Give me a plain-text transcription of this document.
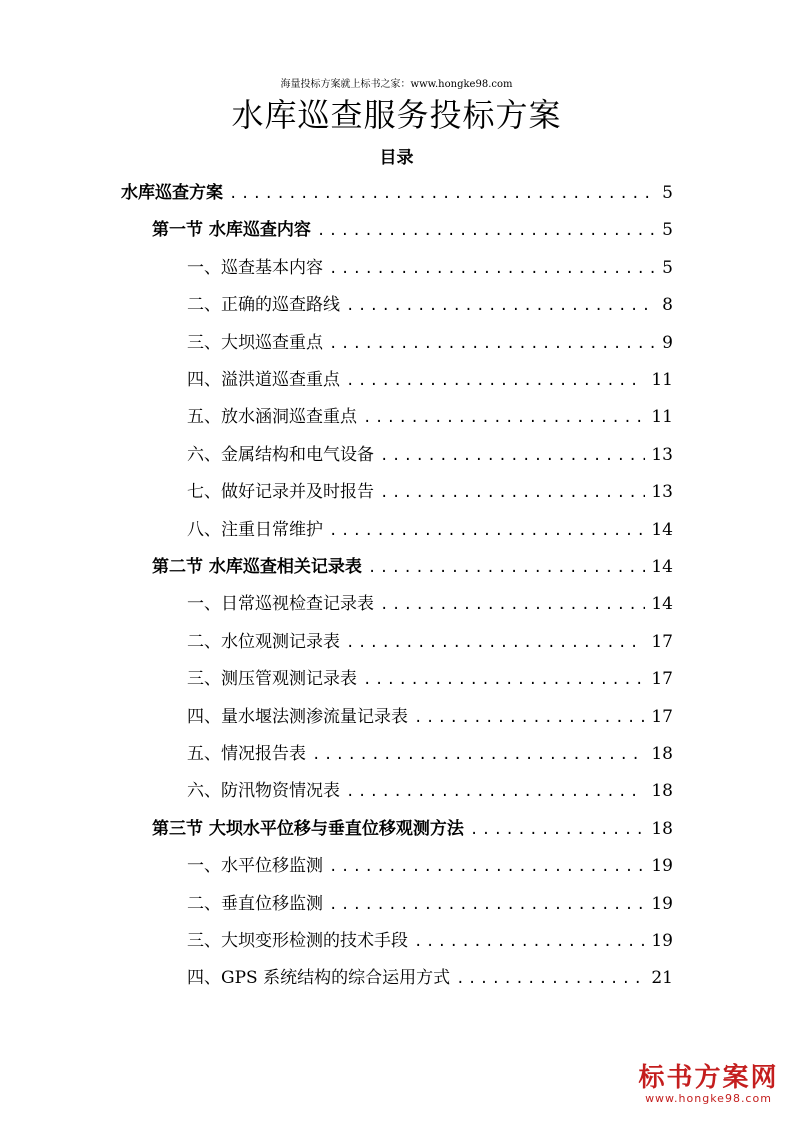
海量投标方案就上标书之家：www.hongke98.com
水库巡查服务投标方案
目录
水库巡查方案 .....	5
第一节 水库巡查内容 .....	5
一、巡查基本内容 .....	5
二、正确的巡查路线 .....	8
三、大坝巡查重点 .....	9
四、溢洪道巡查重点 .....	11
五、放水涵洞巡查重点 .....	11
六、金属结构和电气设备 .....	13
七、做好记录并及时报告 .....	13
八、注重日常维护 .....	14
第二节 水库巡查相关记录表 .....	14
一、日常巡视检查记录表 .....	14
二、水位观测记录表 .....	17
三、测压管观测记录表 .....	17
四、量水堰法测渗流量记录表 .....	17
五、情况报告表 .....	18
六、防汛物资情况表 .....	18
第三节 大坝水平位移与垂直位移观测方法 .....	18
一、水平位移监测 .....	19
二、垂直位移监测 .....	19
三、大坝变形检测的技术手段 .....	19
四、GPS 系统结构的综合运用方式 .....	21
标书方案网
www.hongke98.com
